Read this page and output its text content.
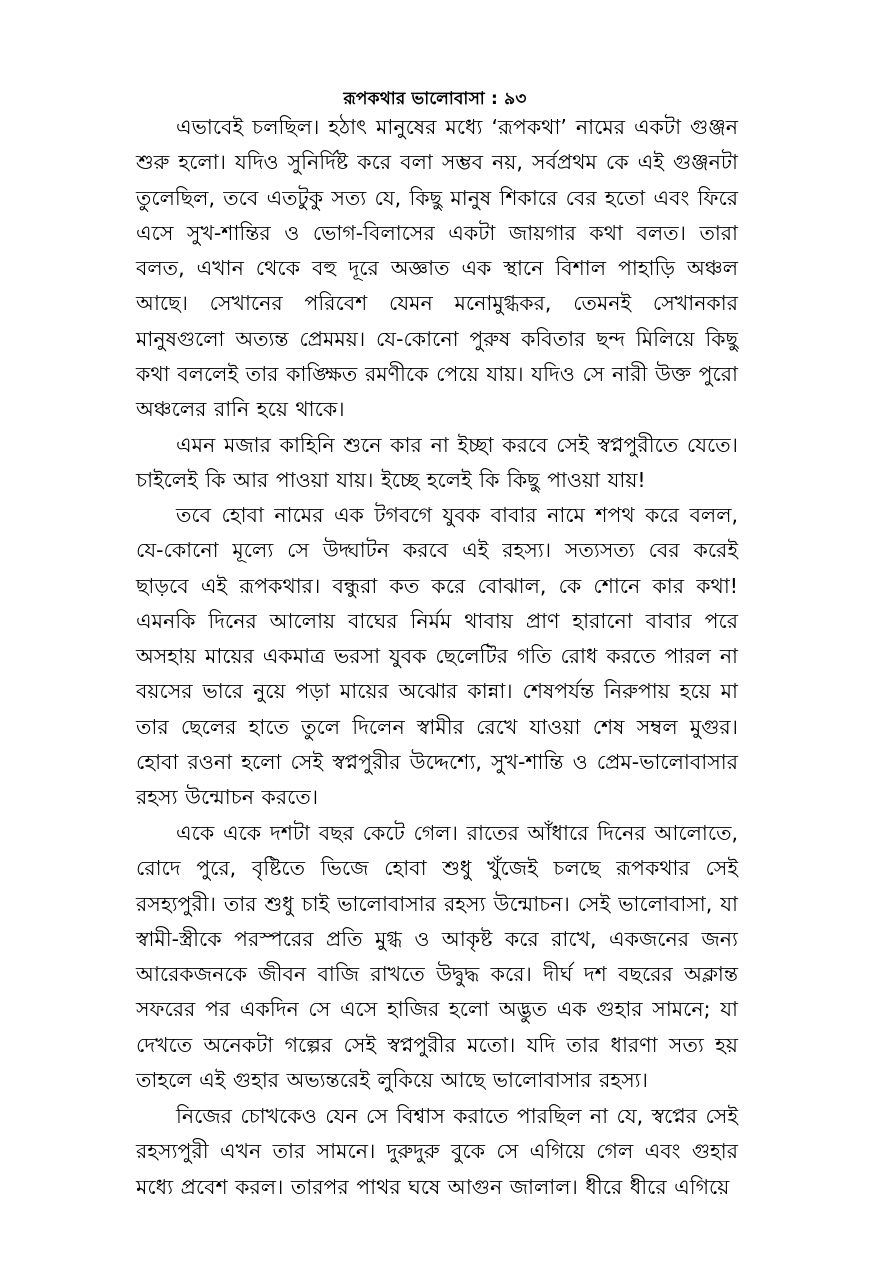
রূপকথার ভালোবাসা : ৯৩

এভাবেই চলছিল। হঠাৎ মানুষের মধ্যে ‘রূপকথা’ নামের একটা গুঞ্জন শুরু হলো। যদিও সুনির্দিষ্ট করে বলা সম্ভব নয়, সর্বপ্রথম কে এই গুঞ্জনটা তুলেছিল, তবে এতটুকু সত্য যে, কিছু মানুষ শিকারে বের হতো এবং ফিরে এসে সুখ-শান্তির ও ভোগ-বিলাসের একটা জায়গার কথা বলত। তারা বলত, এখান থেকে বহু দূরে অজ্ঞাত এক স্থানে বিশাল পাহাড়ি অঞ্চল আছে। সেখানের পরিবেশ যেমন মনোমুগ্ধকর, তেমনই সেখানকার মানুষগুলো অত্যন্ত প্রেমময়। যে-কোনো পুরুষ কবিতার ছন্দ মিলিয়ে কিছু কথা বললেই তার কাঙ্ক্ষিত রমণীকে পেয়ে যায়। যদিও সে নারী উক্ত পুরো অঞ্চলের রানি হয়ে থাকে।

এমন মজার কাহিনি শুনে কার না ইচ্ছা করবে সেই স্বপ্নপুরীতে যেতে। চাইলেই কি আর পাওয়া যায়। ইচ্ছে হলেই কি কিছু পাওয়া যায়!

তবে হোবা নামের এক টগবগে যুবক বাবার নামে শপথ করে বলল, যে-কোনো মূল্যে সে উদ্ঘাটন করবে এই রহস্য। সত্যসত্য বের করেই ছাড়বে এই রূপকথার। বন্ধুরা কত করে বোঝাল, কে শোনে কার কথা! এমনকি দিনের আলোয় বাঘের নির্মম থাবায় প্রাণ হারানো বাবার পরে অসহায় মায়ের একমাত্র ভরসা যুবক ছেলেটির গতি রোধ করতে পারল না বয়সের ভারে নুয়ে পড়া মায়ের অঝোর কান্না। শেষপর্যন্ত নিরুপায় হয়ে মা তার ছেলের হাতে তুলে দিলেন স্বামীর রেখে যাওয়া শেষ সম্বল মুগুর। হোবা রওনা হলো সেই স্বপ্নপুরীর উদ্দেশ্যে, সুখ-শান্তি ও প্রেম-ভালোবাসার রহস্য উন্মোচন করতে।

একে একে দশটা বছর কেটে গেল। রাতের আঁধারে দিনের আলোতে, রোদে পুরে, বৃষ্টিতে ভিজে হোবা শুধু খুঁজেই চলছে রূপকথার সেই রসহ্যপুরী। তার শুধু চাই ভালোবাসার রহস্য উন্মোচন। সেই ভালোবাসা, যা স্বামী-স্ত্রীকে পরস্পরের প্রতি মুগ্ধ ও আকৃষ্ট করে রাখে, একজনের জন্য আরেকজনকে জীবন বাজি রাখতে উদ্বুদ্ধ করে। দীর্ঘ দশ বছরের অক্লান্ত সফরের পর একদিন সে এসে হাজির হলো অদ্ভুত এক গুহার সামনে; যা দেখতে অনেকটা গল্পের সেই স্বপ্নপুরীর মতো। যদি তার ধারণা সত্য হয় তাহলে এই গুহার অভ্যন্তরেই লুকিয়ে আছে ভালোবাসার রহস্য।

নিজের চোখকেও যেন সে বিশ্বাস করাতে পারছিল না যে, স্বপ্নের সেই রহস্যপুরী এখন তার সামনে। দুরুদুরু বুকে সে এগিয়ে গেল এবং গুহার মধ্যে প্রবেশ করল। তারপর পাথর ঘষে আগুন জালাল। ধীরে ধীরে এগিয়ে
